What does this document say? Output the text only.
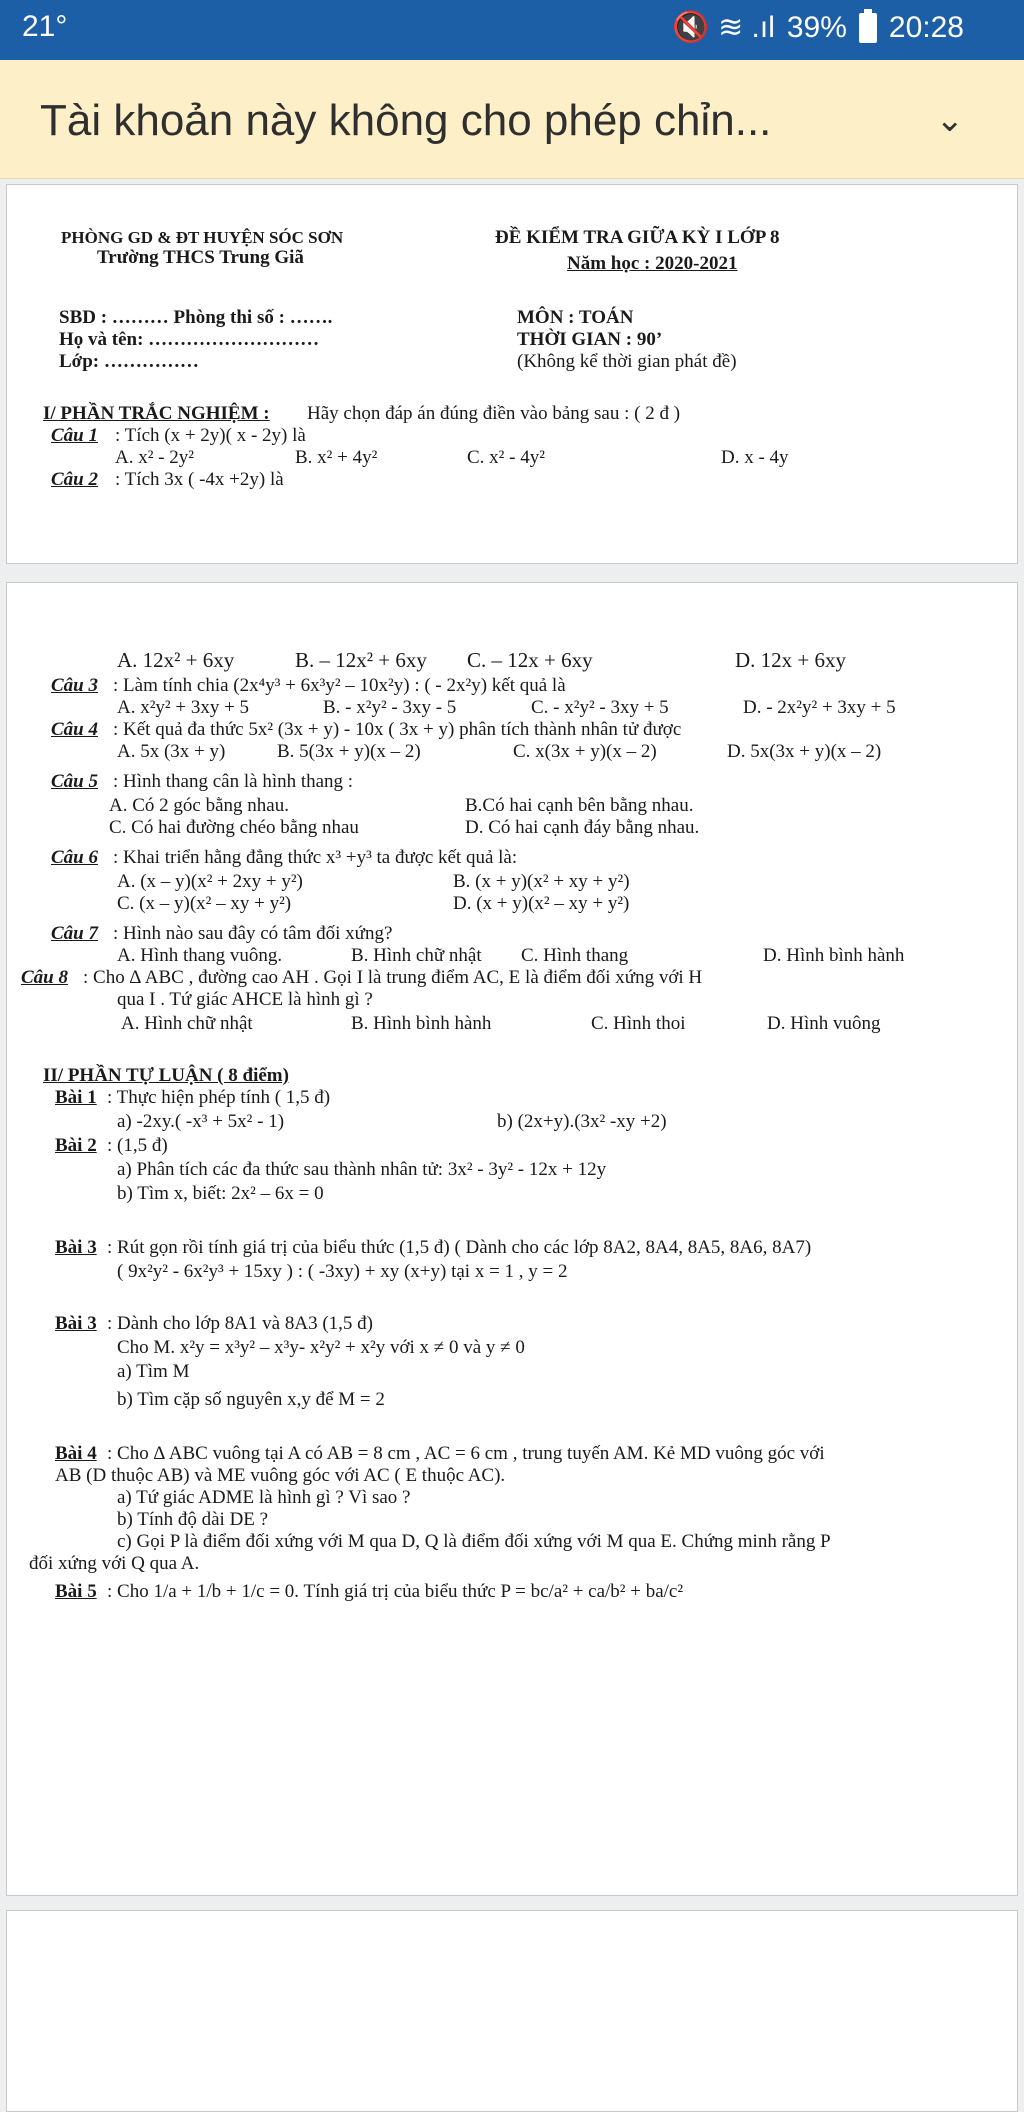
21°	🔇 ≋ .ıl 39% 20:28
Tài khoản này không cho phép chỉn...	⌄
PHÒNG GD & ĐT HUYỆN SÓC SƠN
Trường THCS Trung Giã
ĐỀ KIỂM TRA GIỮA KỲ I LỚP 8
Năm học : 2020-2021
SBD : ……… Phòng thi số : …….
Họ và tên: ………………………
Lớp: ……………
MÔN : TOÁN
THỜI GIAN : 90’
(Không kể thời gian phát đề)
I/ PHẦN TRẮC NGHIỆM : Hãy chọn đáp án đúng điền vào bảng sau : ( 2 đ )
Câu 1 : Tích (x + 2y)( x - 2y) là
A. x² - 2y²	B. x² + 4y²	C. x² - 4y²	D. x - 4y
Câu 2 : Tích 3x ( -4x +2y) là
A. 12x² + 6xy	B. – 12x² + 6xy C. – 12x + 6xy	D. 12x + 6xy
Câu 3 : Làm tính chia (2x⁴y³ + 6x³y² – 10x²y) : ( - 2x²y) kết quả là
A. x²y² + 3xy + 5	B. - x²y² - 3xy - 5	C. - x²y² - 3xy + 5	D. - 2x²y² + 3xy + 5
Câu 4 : Kết quả đa thức 5x² (3x + y) - 10x ( 3x + y) phân tích thành nhân tử được
A. 5x (3x + y)	B. 5(3x + y)(x – 2)	C. x(3x + y)(x – 2)	D. 5x(3x + y)(x – 2)
Câu 5 : Hình thang cân là hình thang :
A. Có 2 góc bằng nhau.	B.Có hai cạnh bên bằng nhau.
C. Có hai đường chéo bằng nhau	D. Có hai cạnh đáy bằng nhau.
Câu 6 : Khai triển hằng đẳng thức x³ +y³ ta được kết quả là:
A. (x – y)(x² + 2xy + y²)	B. (x + y)(x² + xy + y²)
C. (x – y)(x² – xy + y²)	D. (x + y)(x² – xy + y²)
Câu 7 : Hình nào sau đây có tâm đối xứng?
A. Hình thang vuông.	B. Hình chữ nhật C. Hình thang	D. Hình bình hành
Câu 8 : Cho ∆ ABC , đường cao AH . Gọi I là trung điểm AC, E là điểm đối xứng với H
qua I . Tứ giác AHCE là hình gì ?
A. Hình chữ nhật	B. Hình bình hành	C. Hình thoi	D. Hình vuông
II/ PHẦN TỰ LUẬN ( 8 điểm)
Bài 1 : Thực hiện phép tính ( 1,5 đ)
a) -2xy.( -x³ + 5x² - 1)	b) (2x+y).(3x² -xy +2)
Bài 2 : (1,5 đ)
a) Phân tích các đa thức sau thành nhân tử: 3x² - 3y² - 12x + 12y
b) Tìm x, biết: 2x² – 6x = 0
Bài 3 : Rút gọn rồi tính giá trị của biểu thức (1,5 đ) ( Dành cho các lớp 8A2, 8A4, 8A5, 8A6, 8A7)
( 9x²y² - 6x²y³ + 15xy ) : ( -3xy) + xy (x+y) tại x = 1 , y = 2
Bài 3 : Dành cho lớp 8A1 và 8A3 (1,5 đ)
Cho M. x²y = x³y² – x³y- x²y² + x²y với x ≠ 0 và y ≠ 0
a) Tìm M
b) Tìm cặp số nguyên x,y để M = 2
Bài 4 : Cho ∆ ABC vuông tại A có AB = 8 cm , AC = 6 cm , trung tuyến AM. Kẻ MD vuông góc với
AB (D thuộc AB) và ME vuông góc với AC ( E thuộc AC).
a) Tứ giác ADME là hình gì ? Vì sao ?
b) Tính độ dài DE ?
c) Gọi P là điểm đối xứng với M qua D, Q là điểm đối xứng với M qua E. Chứng minh rằng P
đối xứng với Q qua A.
Bài 5 : Cho 1/a + 1/b + 1/c = 0. Tính giá trị của biểu thức P = bc/a² + ca/b² + ba/c²
